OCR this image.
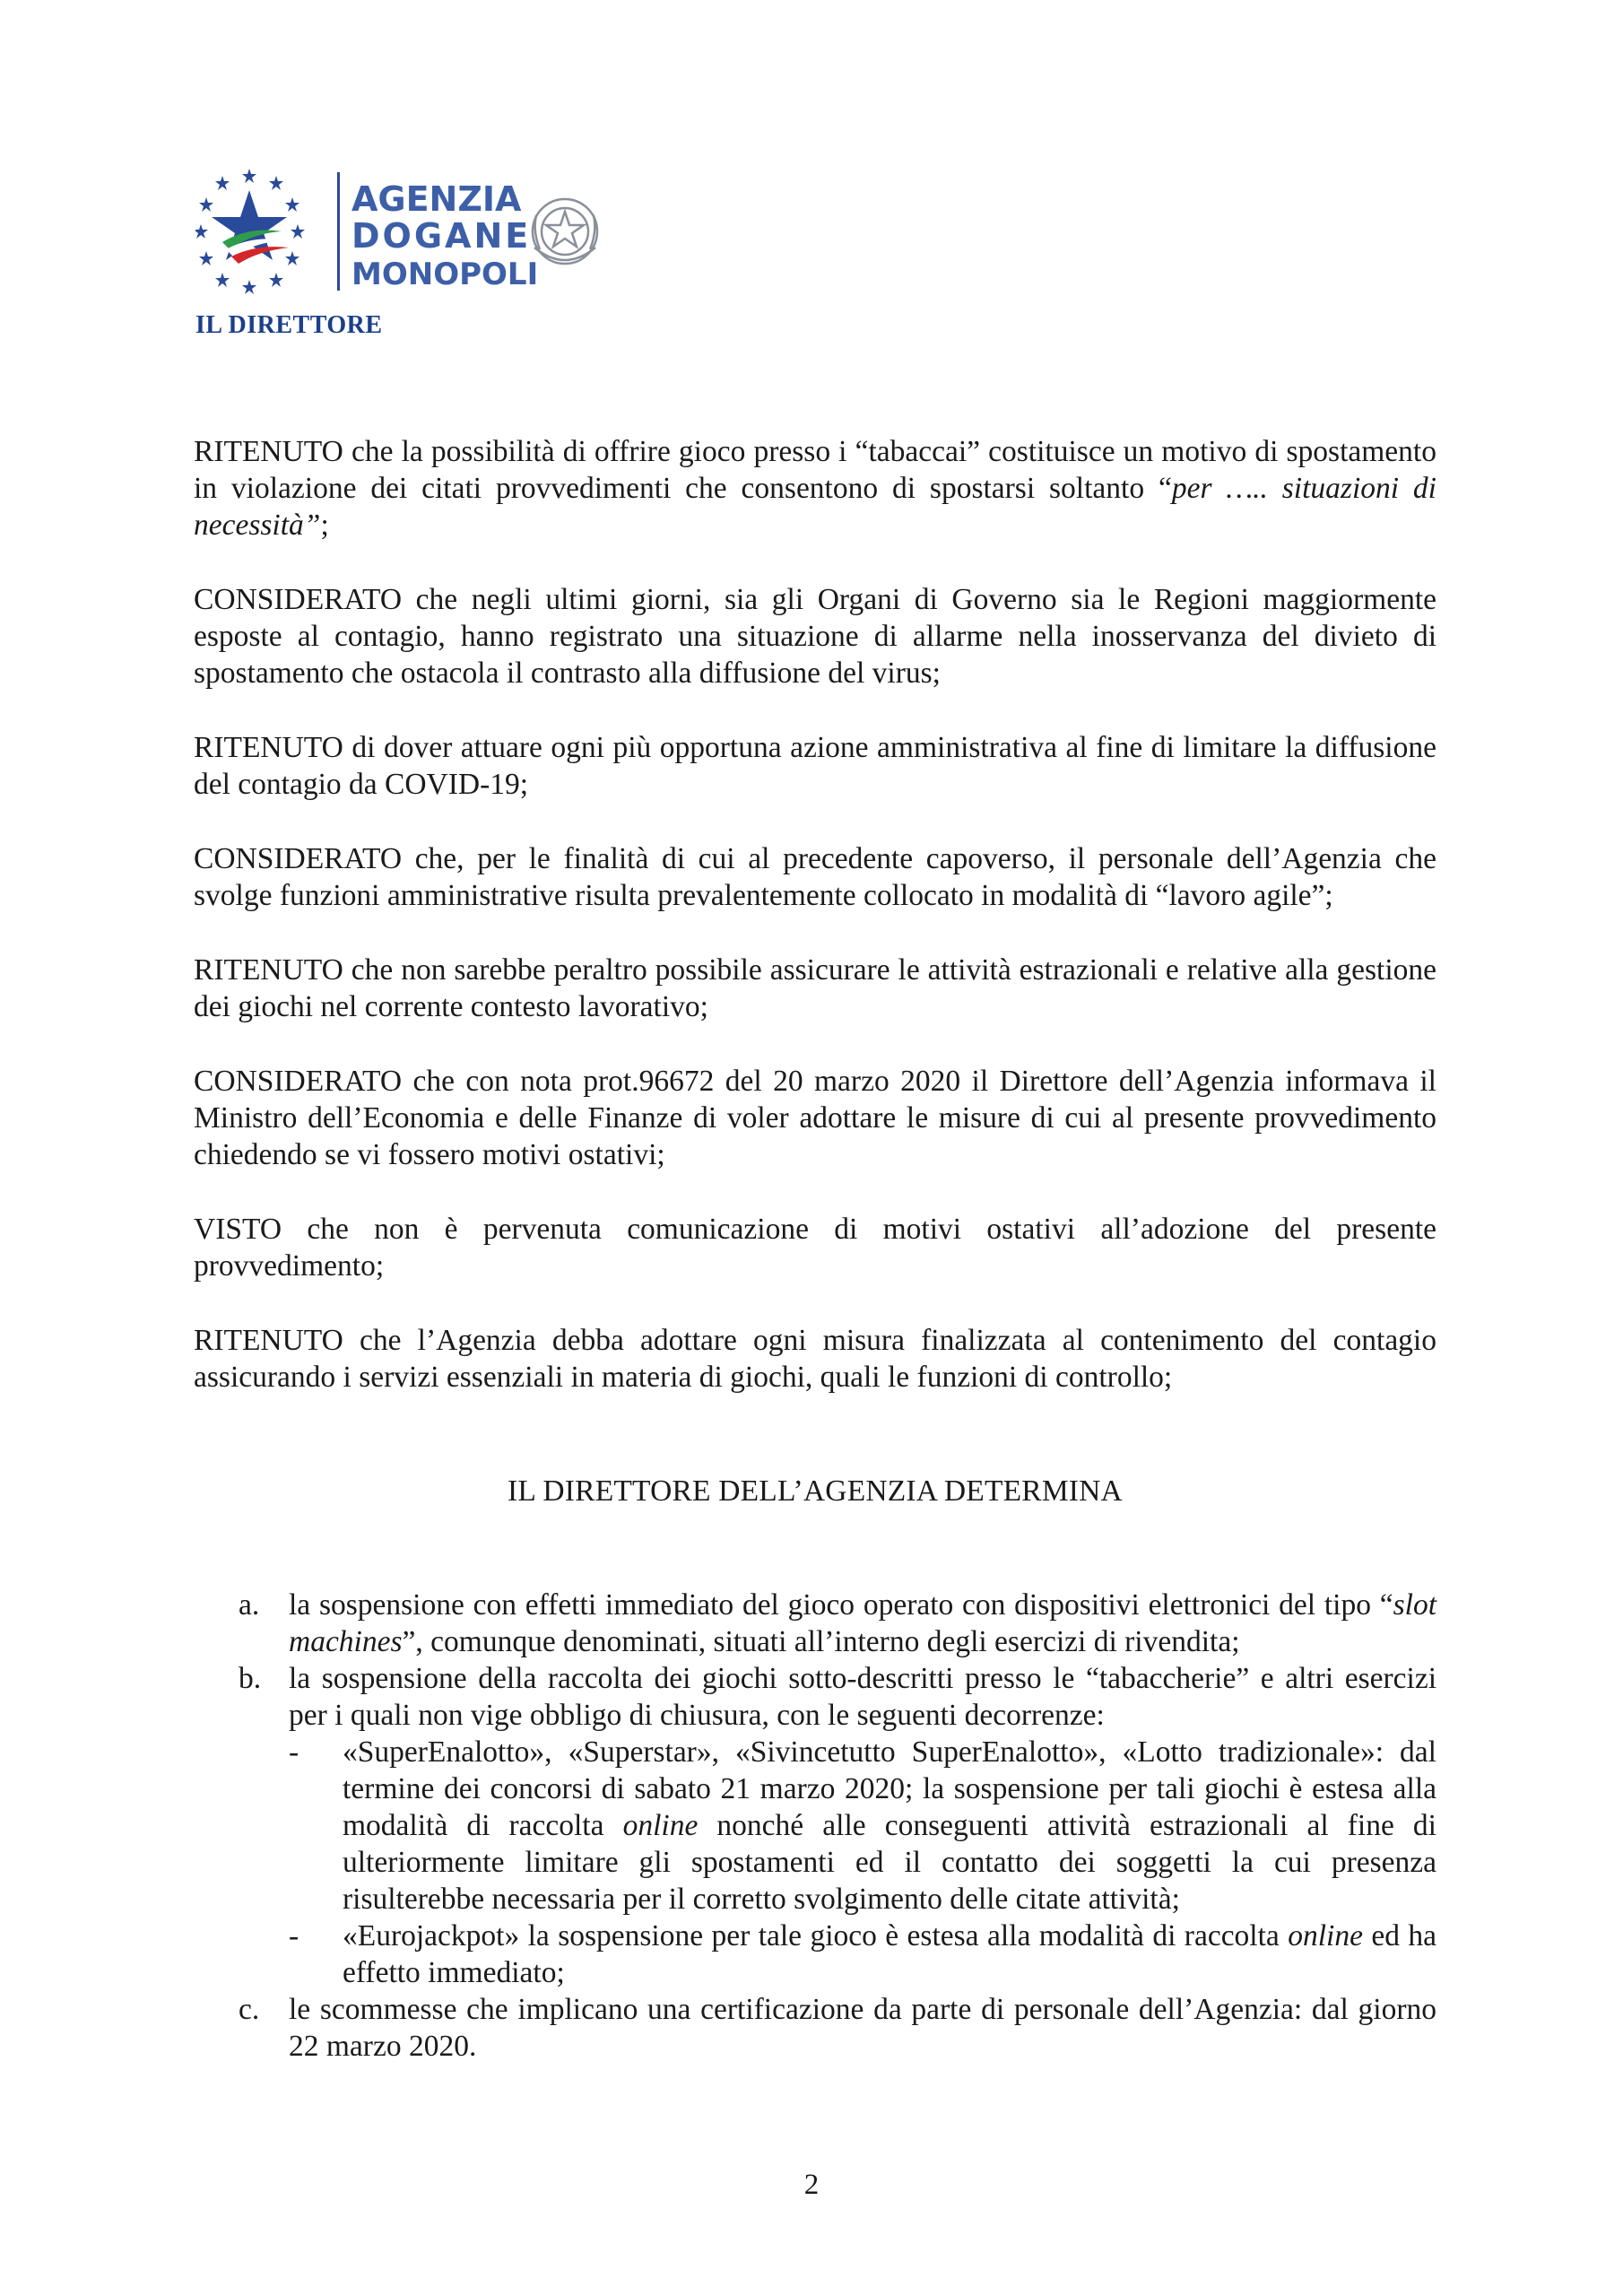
AGENZIA
DOGANE
MONOPOLI
IL DIRETTORE

RITENUTO che la possibilità di offrire gioco presso i “tabaccai” costituisce un motivo di spostamento in violazione dei citati provvedimenti che consentono di spostarsi soltanto “per ….. situazioni di necessità”;

CONSIDERATO che negli ultimi giorni, sia gli Organi di Governo sia le Regioni maggiormente esposte al contagio, hanno registrato una situazione di allarme nella inosservanza del divieto di spostamento che ostacola il contrasto alla diffusione del virus;

RITENUTO di dover attuare ogni più opportuna azione amministrativa al fine di limitare la diffusione del contagio da COVID-19;

CONSIDERATO che, per le finalità di cui al precedente capoverso, il personale dell’Agenzia che svolge funzioni amministrative risulta prevalentemente collocato in modalità di “lavoro agile”;

RITENUTO che non sarebbe peraltro possibile assicurare le attività estrazionali e relative alla gestione dei giochi nel corrente contesto lavorativo;

CONSIDERATO che con nota prot.96672 del 20 marzo 2020 il Direttore dell’Agenzia informava il Ministro dell’Economia e delle Finanze di voler adottare le misure di cui al presente provvedimento chiedendo se vi fossero motivi ostativi;

VISTO che non è pervenuta comunicazione di motivi ostativi all’adozione del presente provvedimento;

RITENUTO che l’Agenzia debba adottare ogni misura finalizzata al contenimento del contagio assicurando i servizi essenziali in materia di giochi, quali le funzioni di controllo;

IL DIRETTORE DELL’AGENZIA DETERMINA
a. la sospensione con effetti immediato del gioco operato con dispositivi elettronici del tipo “slot machines”, comunque denominati, situati all’interno degli esercizi di rivendita;
b. la sospensione della raccolta dei giochi sotto-descritti presso le “tabaccherie” e altri esercizi per i quali non vige obbligo di chiusura, con le seguenti decorrenze:
-	«SuperEnalotto», «Superstar», «Sivincetutto SuperEnalotto», «Lotto tradizionale»: dal termine dei concorsi di sabato 21 marzo 2020; la sospensione per tali giochi è estesa alla modalità di raccolta online nonché alle conseguenti attività estrazionali al fine di ulteriormente limitare gli spostamenti ed il contatto dei soggetti la cui presenza risulterebbe necessaria per il corretto svolgimento delle citate attività;
-	«Eurojackpot» la sospensione per tale gioco è estesa alla modalità di raccolta online ed ha effetto immediato;
c. le scommesse che implicano una certificazione da parte di personale dell’Agenzia: dal giorno 22 marzo 2020.
2
